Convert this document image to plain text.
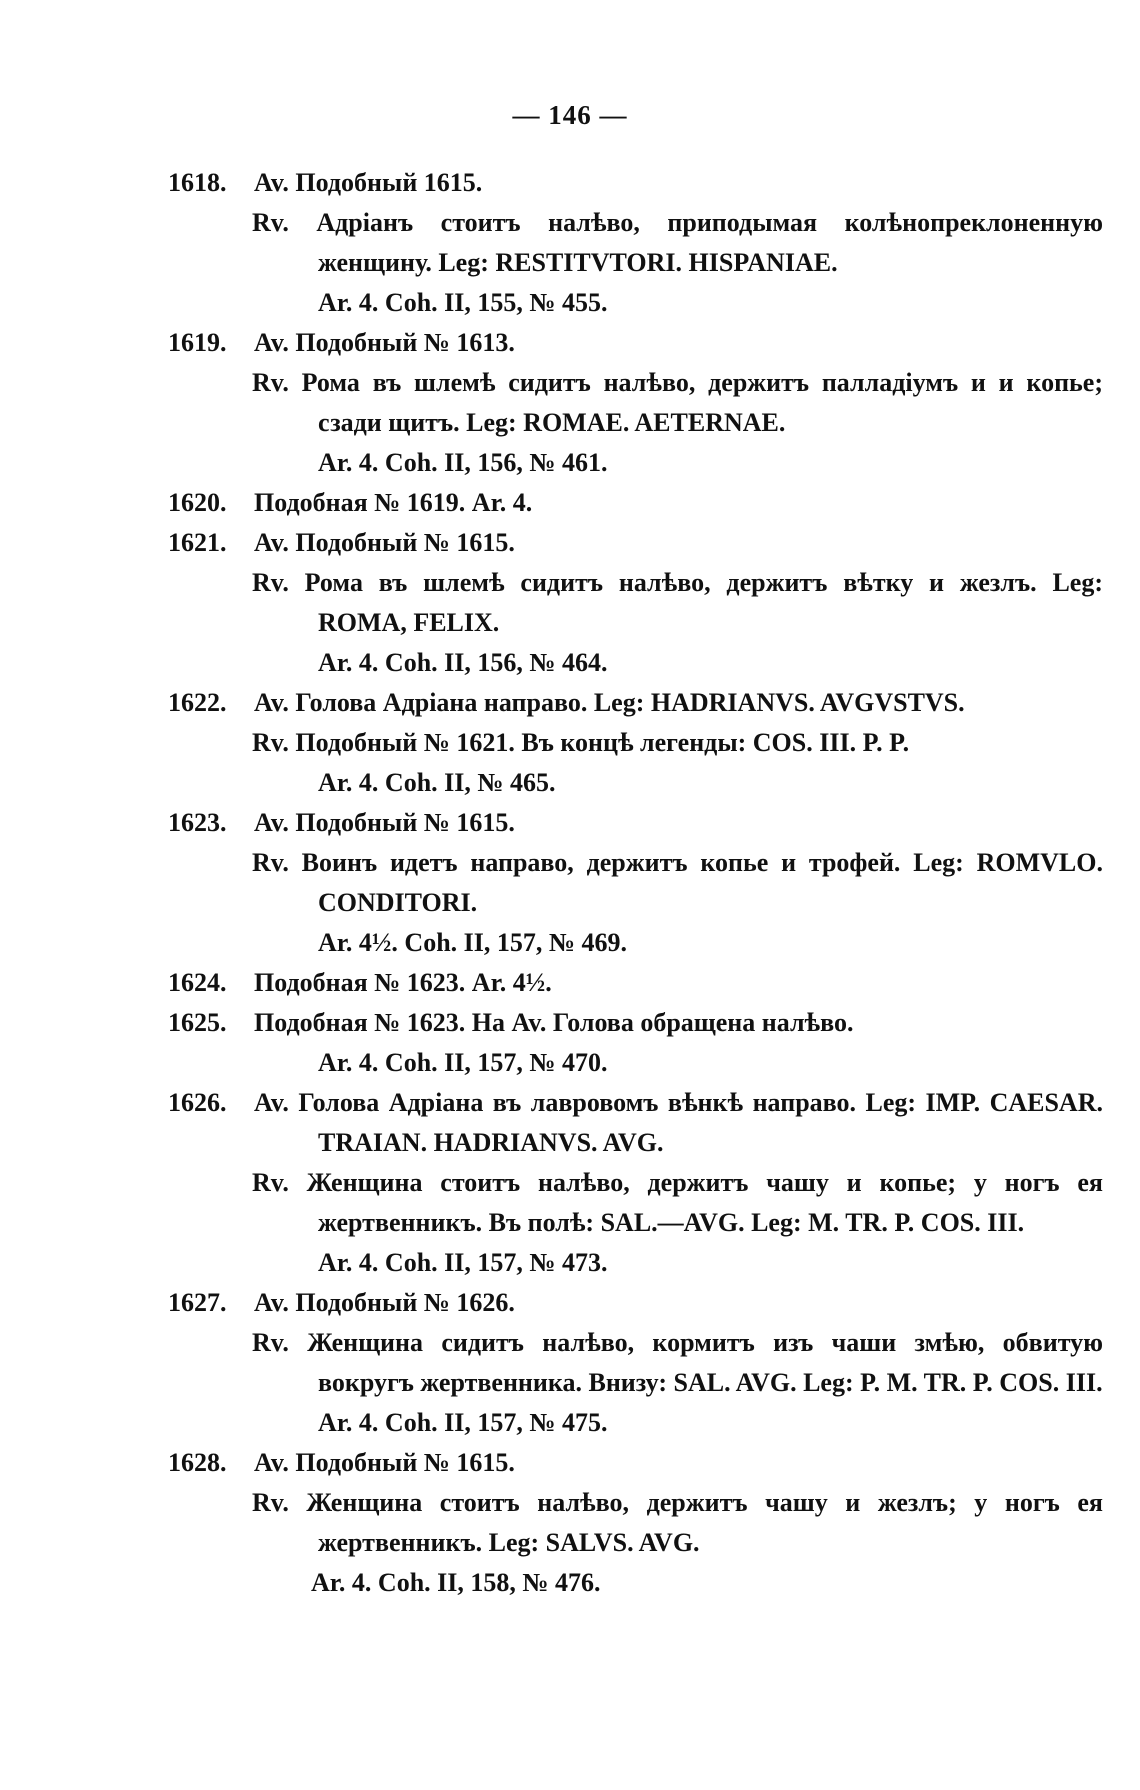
— 146 —
1618.	Av. Подобный 1615.
Rv. Адріанъ стоитъ налѣво, приподымая колѣнопреклоненную женщину. Leg: RESTITVTORI. HISPANIAE.
Ar. 4. Coh. II, 155, № 455.
1619.	Av. Подобный № 1613.
Rv. Рома въ шлемѣ сидитъ налѣво, держитъ палладіумъ и и копье; сзади щитъ. Leg: ROMAE. AETERNAE.
Ar. 4. Coh. II, 156, № 461.
1620.	Подобная № 1619. Ar. 4.
1621.	Av. Подобный № 1615.
Rv. Рома въ шлемѣ сидитъ налѣво, держитъ вѣтку и жезлъ. Leg: ROMA, FELIX.
Ar. 4. Coh. II, 156, № 464.
1622.	Av. Голова Адріана направо. Leg: HADRIANVS. AVGVSTVS.
Rv. Подобный № 1621. Въ концѣ легенды: COS. III. P. P.
Ar. 4. Coh. II, № 465.
1623.	Av. Подобный № 1615.
Rv. Воинъ идетъ направо, держитъ копье и трофей. Leg: ROMVLO. CONDITORI.
Ar. 4½. Coh. II, 157, № 469.
1624.	Подобная № 1623. Ar. 4½.
1625.	Подобная № 1623. На Av. Голова обращена налѣво.
Ar. 4. Coh. II, 157, № 470.
1626.	Av. Голова Адріана въ лавровомъ вѣнкѣ направо. Leg: IMP. CAESAR. TRAIAN. HADRIANVS. AVG.
Rv. Женщина стоитъ налѣво, держитъ чашу и копье; у ногъ ея жертвенникъ. Въ полѣ: SAL.—AVG. Leg: M. TR. P. COS. III.
Ar. 4. Coh. II, 157, № 473.
1627.	Av. Подобный № 1626.
Rv. Женщина сидитъ налѣво, кормитъ изъ чаши змѣю, обвитую вокругъ жертвенника. Внизу: SAL. AVG. Leg: P. M. TR. P. COS. III.
Ar. 4. Coh. II, 157, № 475.
1628.	Av. Подобный № 1615.
Rv. Женщина стоитъ налѣво, держитъ чашу и жезлъ; у ногъ ея жертвенникъ. Leg: SALVS. AVG.
Ar. 4. Coh. II, 158, № 476.
